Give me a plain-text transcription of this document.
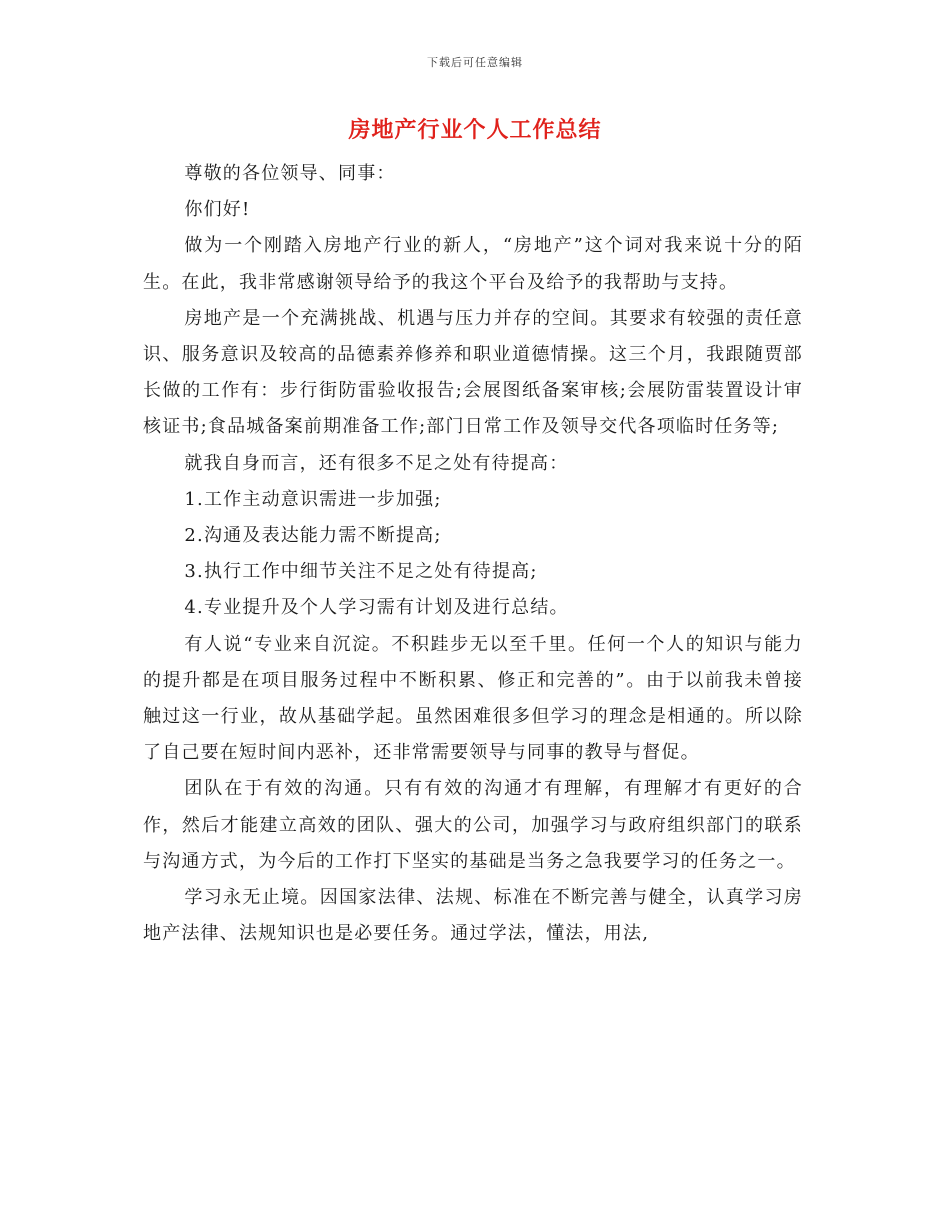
下载后可任意编辑
房地产行业个人工作总结

尊敬的各位领导、同事：

你们好!

做为一个刚踏入房地产行业的新人，“房地产”这个词对我来说十分的陌生。在此，我非常感谢领导给予的我这个平台及给予的我帮助与支持。

房地产是一个充满挑战、机遇与压力并存的空间。其要求有较强的责任意识、服务意识及较高的品德素养修养和职业道德情操。这三个月，我跟随贾部长做的工作有：步行街防雷验收报告;会展图纸备案审核;会展防雷装置设计审核证书;食品城备案前期准备工作;部门日常工作及领导交代各项临时任务等;

就我自身而言，还有很多不足之处有待提高：

1.工作主动意识需进一步加强;

2.沟通及表达能力需不断提高;

3.执行工作中细节关注不足之处有待提高;

4.专业提升及个人学习需有计划及进行总结。

有人说“专业来自沉淀。不积跬步无以至千里。任何一个人的知识与能力的提升都是在项目服务过程中不断积累、修正和完善的”。由于以前我未曾接触过这一行业，故从基础学起。虽然困难很多但学习的理念是相通的。所以除了自己要在短时间内恶补，还非常需要领导与同事的教导与督促。

团队在于有效的沟通。只有有效的沟通才有理解，有理解才有更好的合作，然后才能建立高效的团队、强大的公司，加强学习与政府组织部门的联系与沟通方式，为今后的工作打下坚实的基础是当务之急我要学习的任务之一。

学习永无止境。因国家法律、法规、标准在不断完善与健全，认真学习房地产法律、法规知识也是必要任务。通过学法，懂法，用法,
